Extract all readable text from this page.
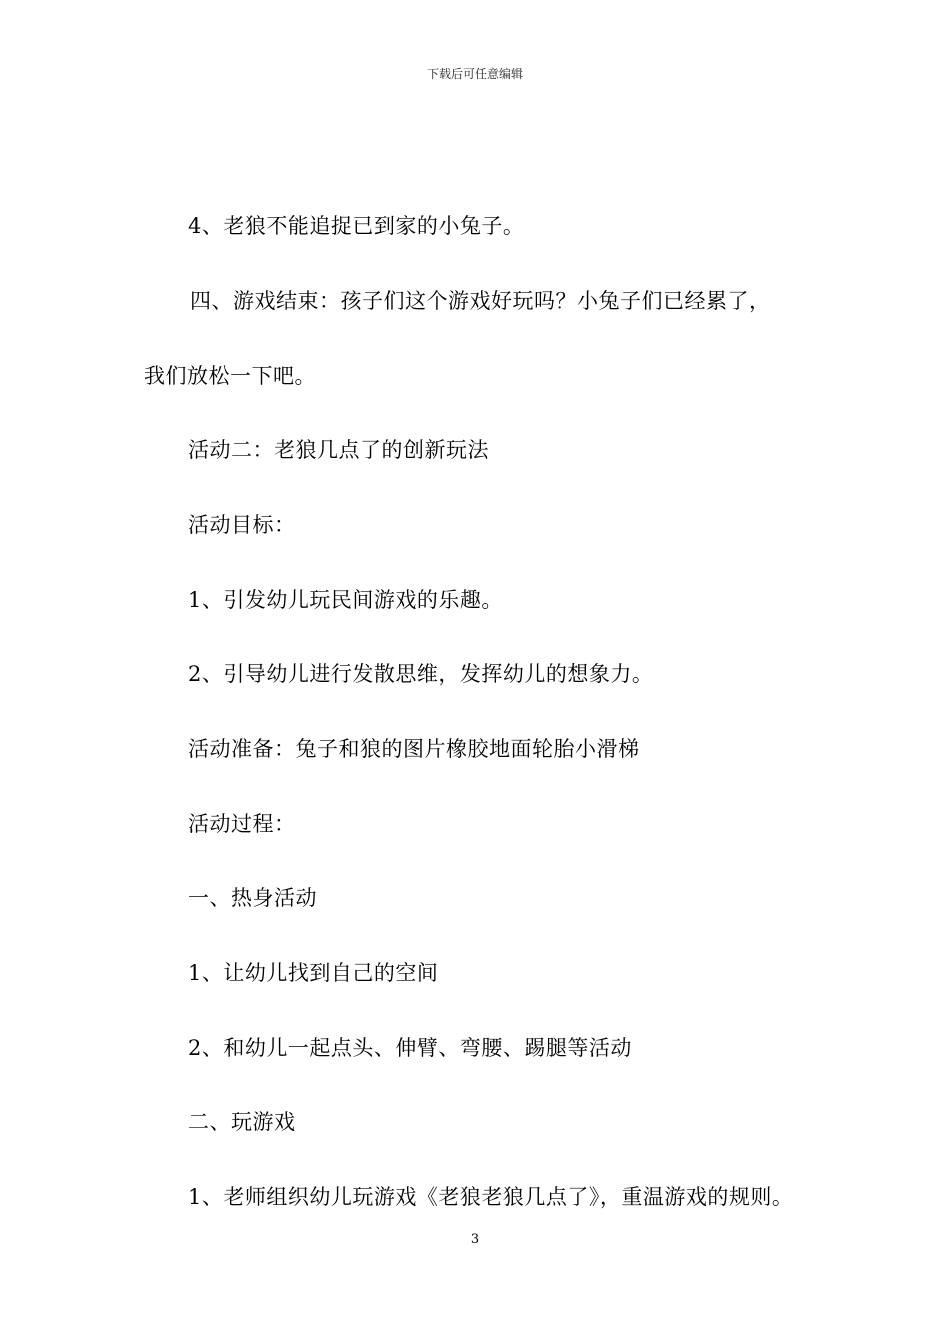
下载后可任意编辑
4、老狼不能追捉已到家的小兔子。
四、游戏结束：孩子们这个游戏好玩吗？小兔子们已经累了，
我们放松一下吧。
活动二：老狼几点了的创新玩法
活动目标：
1、引发幼儿玩民间游戏的乐趣。
2、引导幼儿进行发散思维，发挥幼儿的想象力。
活动准备：兔子和狼的图片橡胶地面轮胎小滑梯
活动过程：
一、热身活动
1、让幼儿找到自己的空间
2、和幼儿一起点头、伸臂、弯腰、踢腿等活动
二、玩游戏
1、老师组织幼儿玩游戏《老狼老狼几点了》，重温游戏的规则。
3
